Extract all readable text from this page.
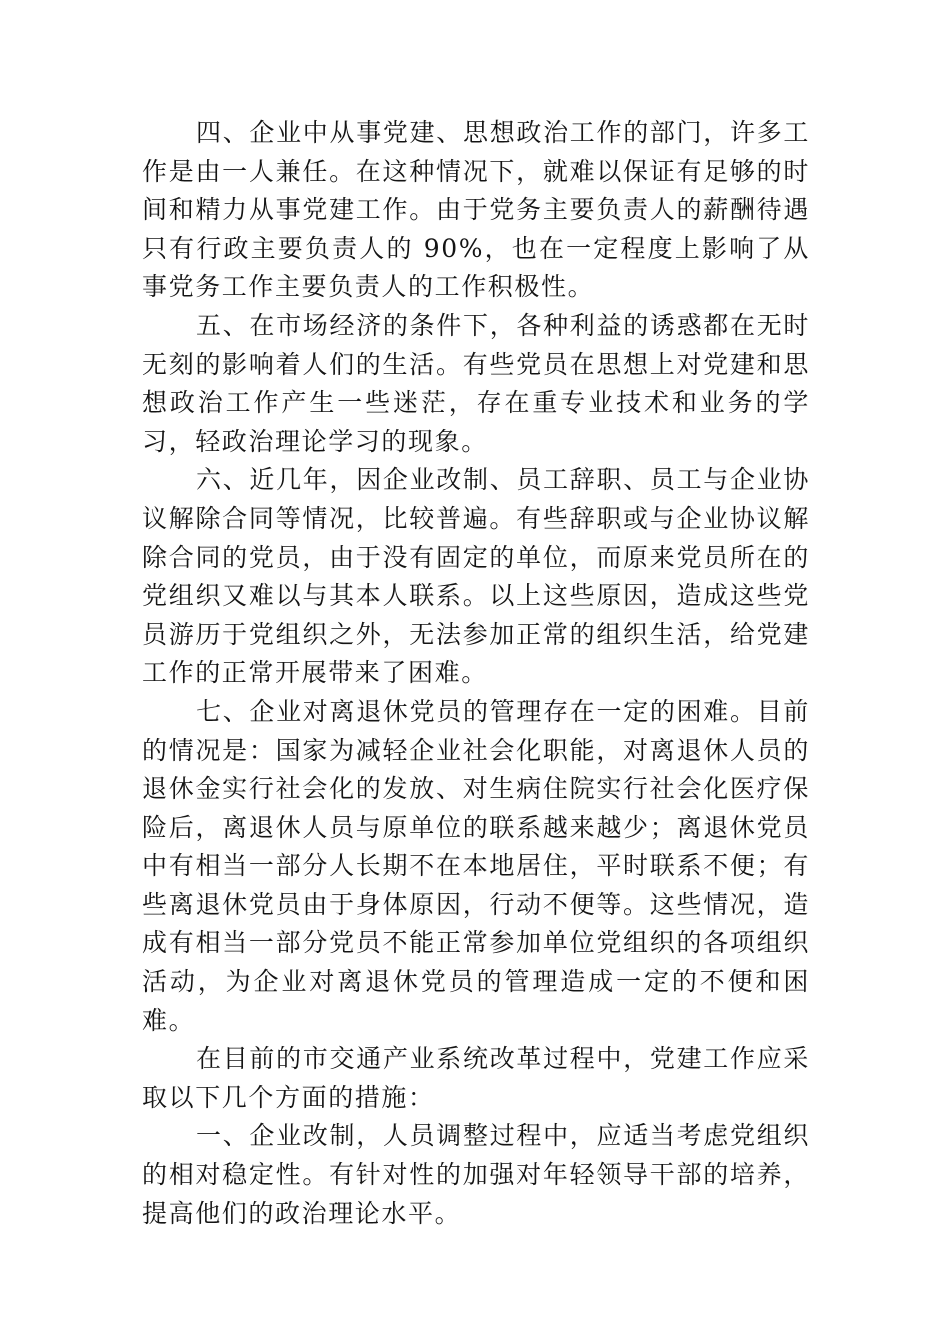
四、企业中从事党建、思想政治工作的部门，许多工作是由一人兼任。在这种情况下，就难以保证有足够的时间和精力从事党建工作。由于党务主要负责人的薪酬待遇只有行政主要负责人的 90%，也在一定程度上影响了从事党务工作主要负责人的工作积极性。

五、在市场经济的条件下，各种利益的诱惑都在无时无刻的影响着人们的生活。有些党员在思想上对党建和思想政治工作产生一些迷茫，存在重专业技术和业务的学习，轻政治理论学习的现象。

六、近几年，因企业改制、员工辞职、员工与企业协议解除合同等情况，比较普遍。有些辞职或与企业协议解除合同的党员，由于没有固定的单位，而原来党员所在的党组织又难以与其本人联系。以上这些原因，造成这些党员游历于党组织之外，无法参加正常的组织生活，给党建工作的正常开展带来了困难。

七、企业对离退休党员的管理存在一定的困难。目前的情况是：国家为减轻企业社会化职能，对离退休人员的退休金实行社会化的发放、对生病住院实行社会化医疗保险后，离退休人员与原单位的联系越来越少；离退休党员中有相当一部分人长期不在本地居住，平时联系不便；有些离退休党员由于身体原因，行动不便等。这些情况，造成有相当一部分党员不能正常参加单位党组织的各项组织活动，为企业对离退休党员的管理造成一定的不便和困难。

在目前的市交通产业系统改革过程中，党建工作应采取以下几个方面的措施：

一、企业改制，人员调整过程中，应适当考虑党组织的相对稳定性。有针对性的加强对年轻领导干部的培养，提高他们的政治理论水平。
